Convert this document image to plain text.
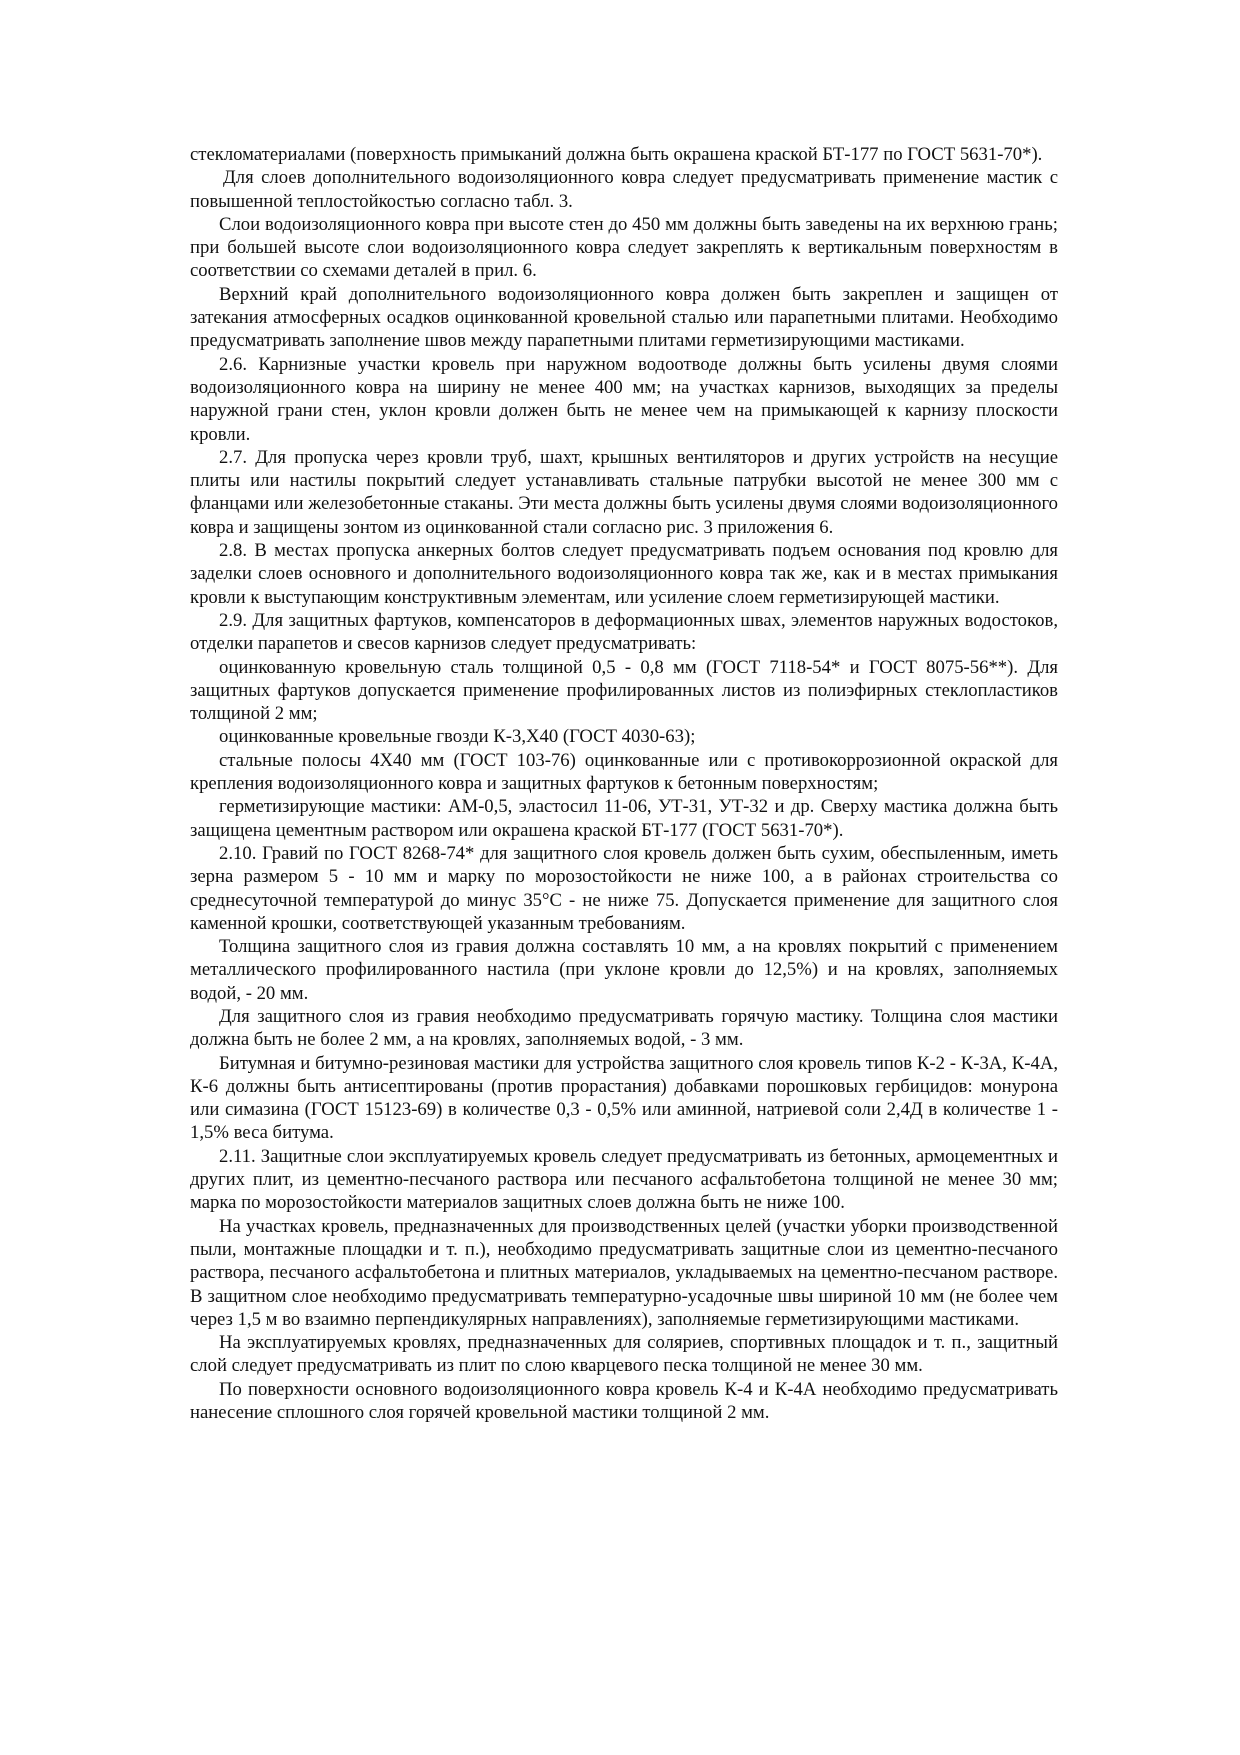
стекломатериалами (поверхность примыканий должна быть окрашена краской БТ-177 по ГОСТ 5631-70*).

Для слоев дополнительного водоизоляционного ковра следует предусматривать применение мастик с повышенной теплостойкостью согласно табл. 3.

Слои водоизоляционного ковра при высоте стен до 450 мм должны быть заведены на их верхнюю грань; при большей высоте слои водоизоляционного ковра следует закреплять к вертикальным поверхностям в соответствии со схемами деталей в прил. 6.

Верхний край дополнительного водоизоляционного ковра должен быть закреплен и защищен от затекания атмосферных осадков оцинкованной кровельной сталью или парапетными плитами. Необходимо предусматривать заполнение швов между парапетными плитами герметизирующими мастиками.

2.6. Карнизные участки кровель при наружном водоотводе должны быть усилены двумя слоями водоизоляционного ковра на ширину не менее 400 мм; на участках карнизов, выходящих за пределы наружной грани стен, уклон кровли должен быть не менее чем на примыкающей к карнизу плоскости кровли.

2.7. Для пропуска через кровли труб, шахт, крышных вентиляторов и других устройств на несущие плиты или настилы покрытий следует устанавливать стальные патрубки высотой не менее 300 мм с фланцами или железобетонные стаканы. Эти места должны быть усилены двумя слоями водоизоляционного ковра и защищены зонтом из оцинкованной стали согласно рис. 3 приложения 6.

2.8. В местах пропуска анкерных болтов следует предусматривать подъем основания под кровлю для заделки слоев основного и дополнительного водоизоляционного ковра так же, как и в местах примыкания кровли к выступающим конструктивным элементам, или усиление слоем герметизирующей мастики.

2.9. Для защитных фартуков, компенсаторов в деформационных швах, элементов наружных водостоков, отделки парапетов и свесов карнизов следует предусматривать:

оцинкованную кровельную сталь толщиной 0,5 - 0,8 мм (ГОСТ 7118-54* и ГОСТ 8075-56**). Для защитных фартуков допускается применение профилированных листов из полиэфирных стеклопластиков толщиной 2 мм;

оцинкованные кровельные гвозди К-3,Х40 (ГОСТ 4030-63);

стальные полосы 4Х40 мм (ГОСТ 103-76) оцинкованные или с противокоррозионной окраской для крепления водоизоляционного ковра и защитных фартуков к бетонным поверхностям;

герметизирующие мастики: АМ-0,5, эластосил 11-06, УТ-31, УТ-32 и др. Сверху мастика должна быть защищена цементным раствором или окрашена краской БТ-177 (ГОСТ 5631-70*).

2.10. Гравий по ГОСТ 8268-74* для защитного слоя кровель должен быть сухим, обеспыленным, иметь зерна размером 5 - 10 мм и марку по морозостойкости не ниже 100, а в районах строительства со среднесуточной температурой до минус 35°С - не ниже 75. Допускается применение для защитного слоя каменной крошки, соответствующей указанным требованиям.

Толщина защитного слоя из гравия должна составлять 10 мм, а на кровлях покрытий с применением металлического профилированного настила (при уклоне кровли до 12,5%) и на кровлях, заполняемых водой, - 20 мм.

Для защитного слоя из гравия необходимо предусматривать горячую мастику. Толщина слоя мастики должна быть не более 2 мм, а на кровлях, заполняемых водой, - 3 мм.

Битумная и битумно-резиновая мастики для устройства защитного слоя кровель типов К-2 - К-3А, К-4А, К-6 должны быть антисептированы (против прорастания) добавками порошковых гербицидов: монурона или симазина (ГОСТ 15123-69) в количестве 0,3 - 0,5% или аминной, натриевой соли 2,4Д в количестве 1 - 1,5% веса битума.

2.11. Защитные слои эксплуатируемых кровель следует предусматривать из бетонных, армоцементных и других плит, из цементно-песчаного раствора или песчаного асфальтобетона толщиной не менее 30 мм; марка по морозостойкости материалов защитных слоев должна быть не ниже 100.

На участках кровель, предназначенных для производственных целей (участки уборки производственной пыли, монтажные площадки и т. п.), необходимо предусматривать защитные слои из цементно-песчаного раствора, песчаного асфальтобетона и плитных материалов, укладываемых на цементно-песчаном растворе. В защитном слое необходимо предусматривать температурно-усадочные швы шириной 10 мм (не более чем через 1,5 м во взаимно перпендикулярных направлениях), заполняемые герметизирующими мастиками.

На эксплуатируемых кровлях, предназначенных для соляриев, спортивных площадок и т. п., защитный слой следует предусматривать из плит по слою кварцевого песка толщиной не менее 30 мм.

По поверхности основного водоизоляционного ковра кровель К-4 и К-4А необходимо предусматривать нанесение сплошного слоя горячей кровельной мастики толщиной 2 мм.
